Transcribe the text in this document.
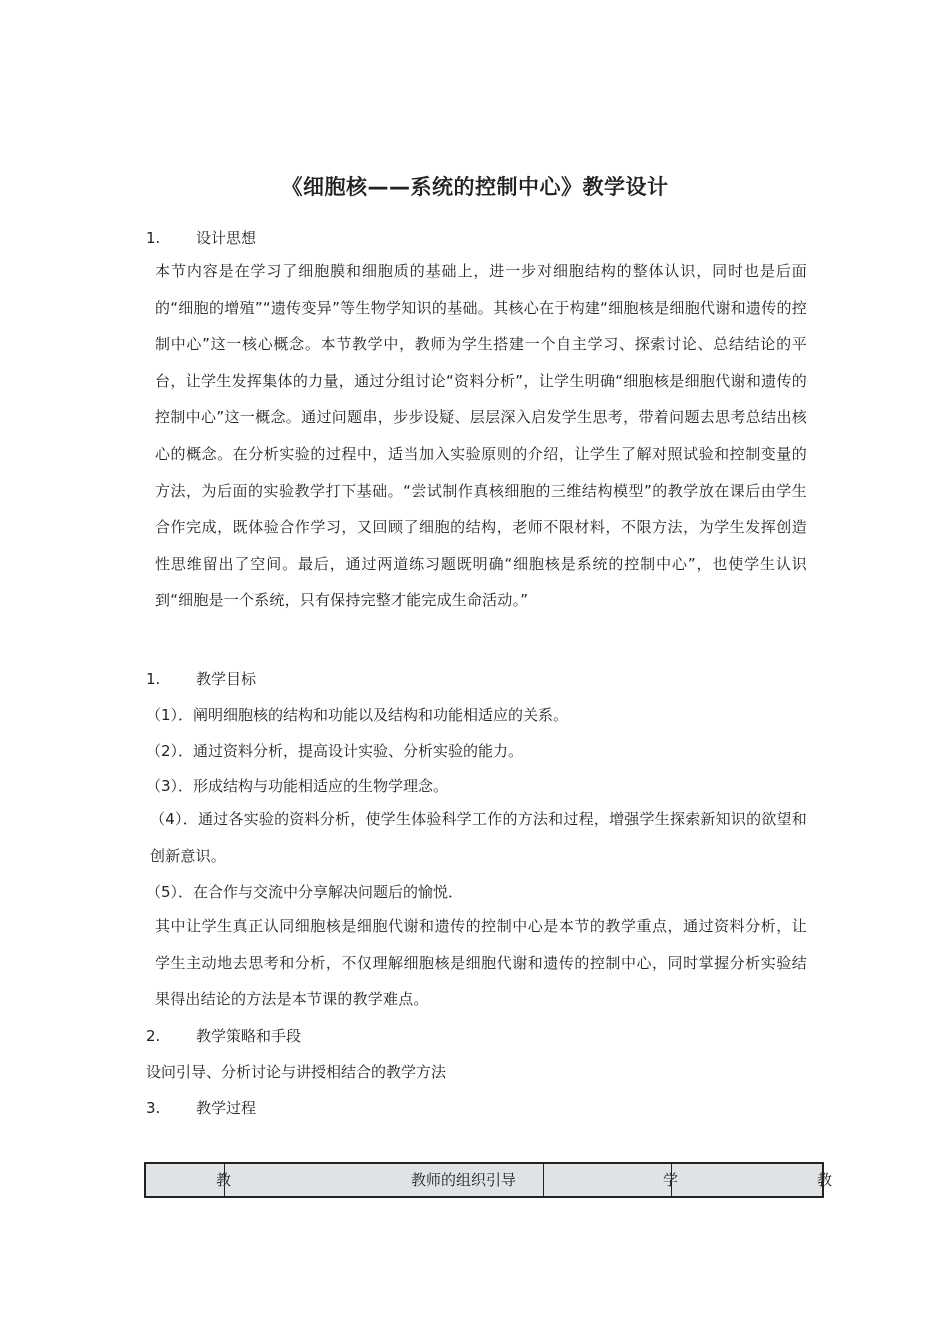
《细胞核——系统的控制中心》教学设计
1. 设计思想
本节内容是在学习了细胞膜和细胞质的基础上，进一步对细胞结构的整体认识，同时也是后面的“细胞的增殖”“遗传变异”等生物学知识的基础。其核心在于构建“细胞核是细胞代谢和遗传的控制中心”这一核心概念。本节教学中，教师为学生搭建一个自主学习、探索讨论、总结结论的平台，让学生发挥集体的力量，通过分组讨论“资料分析”，让学生明确“细胞核是细胞代谢和遗传的控制中心”这一概念。通过问题串，步步设疑、层层深入启发学生思考，带着问题去思考总结出核心的概念。在分析实验的过程中，适当加入实验原则的介绍，让学生了解对照试验和控制变量的方法，为后面的实验教学打下基础。“尝试制作真核细胞的三维结构模型”的教学放在课后由学生合作完成，既体验合作学习，又回顾了细胞的结构，老师不限材料，不限方法，为学生发挥创造性思维留出了空间。最后，通过两道练习题既明确“细胞核是系统的控制中心”，也使学生认识到“细胞是一个系统，只有保持完整才能完成生命活动。”
1. 教学目标
（1）．阐明细胞核的结构和功能以及结构和功能相适应的关系。
（2）．通过资料分析，提高设计实验、分析实验的能力。
（3）．形成结构与功能相适应的生物学理念。
（4）．通过各实验的资料分析，使学生体验科学工作的方法和过程，增强学生探索新知识的欲望和创新意识。
（5）．在合作与交流中分享解决问题后的愉悦．
其中让学生真正认同细胞核是细胞代谢和遗传的控制中心是本节的教学重点，通过资料分析，让学生主动地去思考和分析，不仅理解细胞核是细胞代谢和遗传的控制中心，同时掌握分析实验结果得出结论的方法是本节课的教学难点。
2. 教学策略和手段
设问引导、分析讨论与讲授相结合的教学方法
3. 教学过程
教	教师的组织引导	学	教
